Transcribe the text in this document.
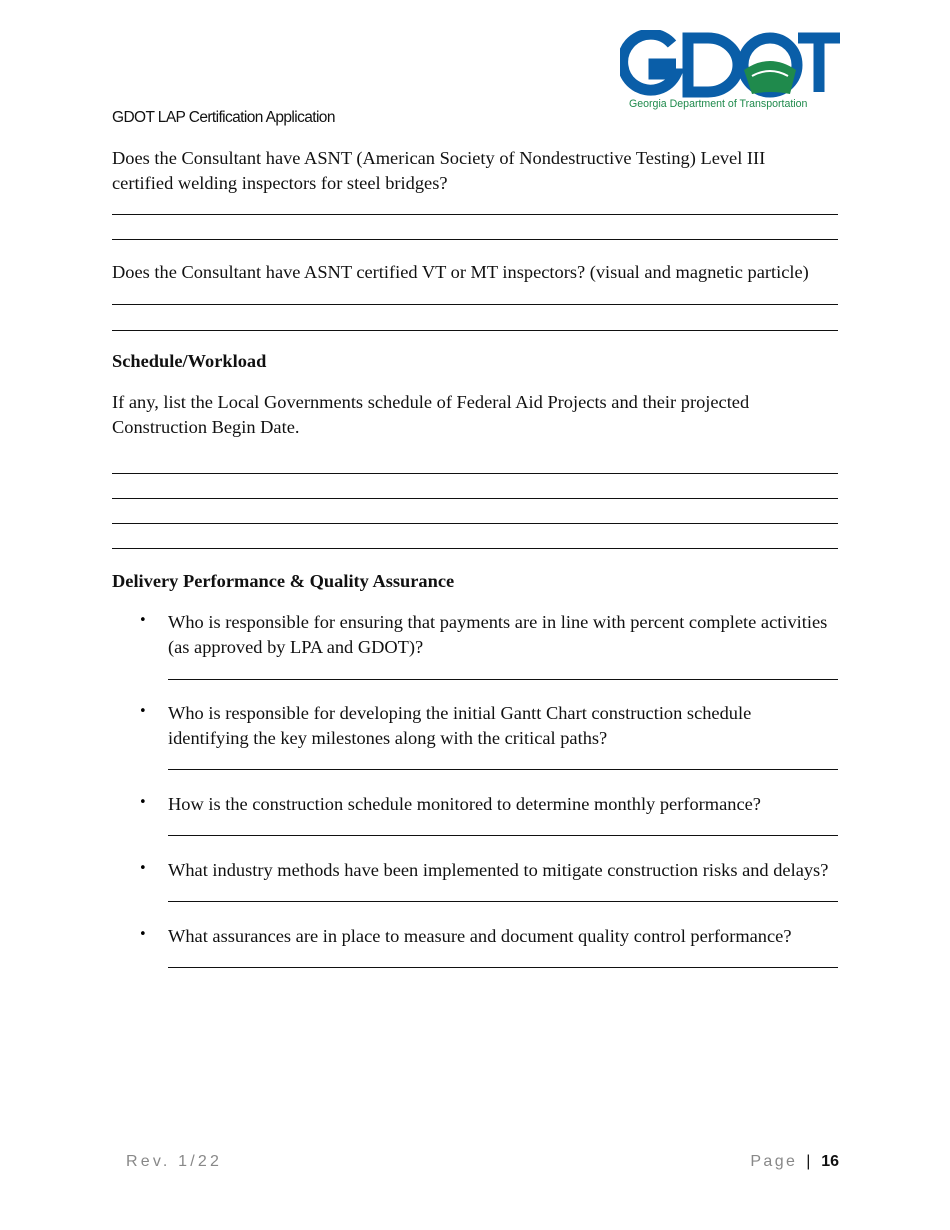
Georgia Department of Transportation
GDOT LAP Certification Application
Does the Consultant have ASNT (American Society of Nondestructive Testing) Level III certified welding inspectors for steel bridges?
Does the Consultant have ASNT certified VT or MT inspectors? (visual and magnetic particle)
Schedule/Workload
If any, list the Local Governments schedule of Federal Aid Projects and their projected Construction Begin Date.
Delivery Performance & Quality Assurance
• Who is responsible for ensuring that payments are in line with percent complete activities (as approved by LPA and GDOT)?
• Who is responsible for developing the initial Gantt Chart construction schedule identifying the key milestones along with the critical paths?
• How is the construction schedule monitored to determine monthly performance?
• What industry methods have been implemented to mitigate construction risks and delays?
• What assurances are in place to measure and document quality control performance?
Rev. 1/22	Page | 16
